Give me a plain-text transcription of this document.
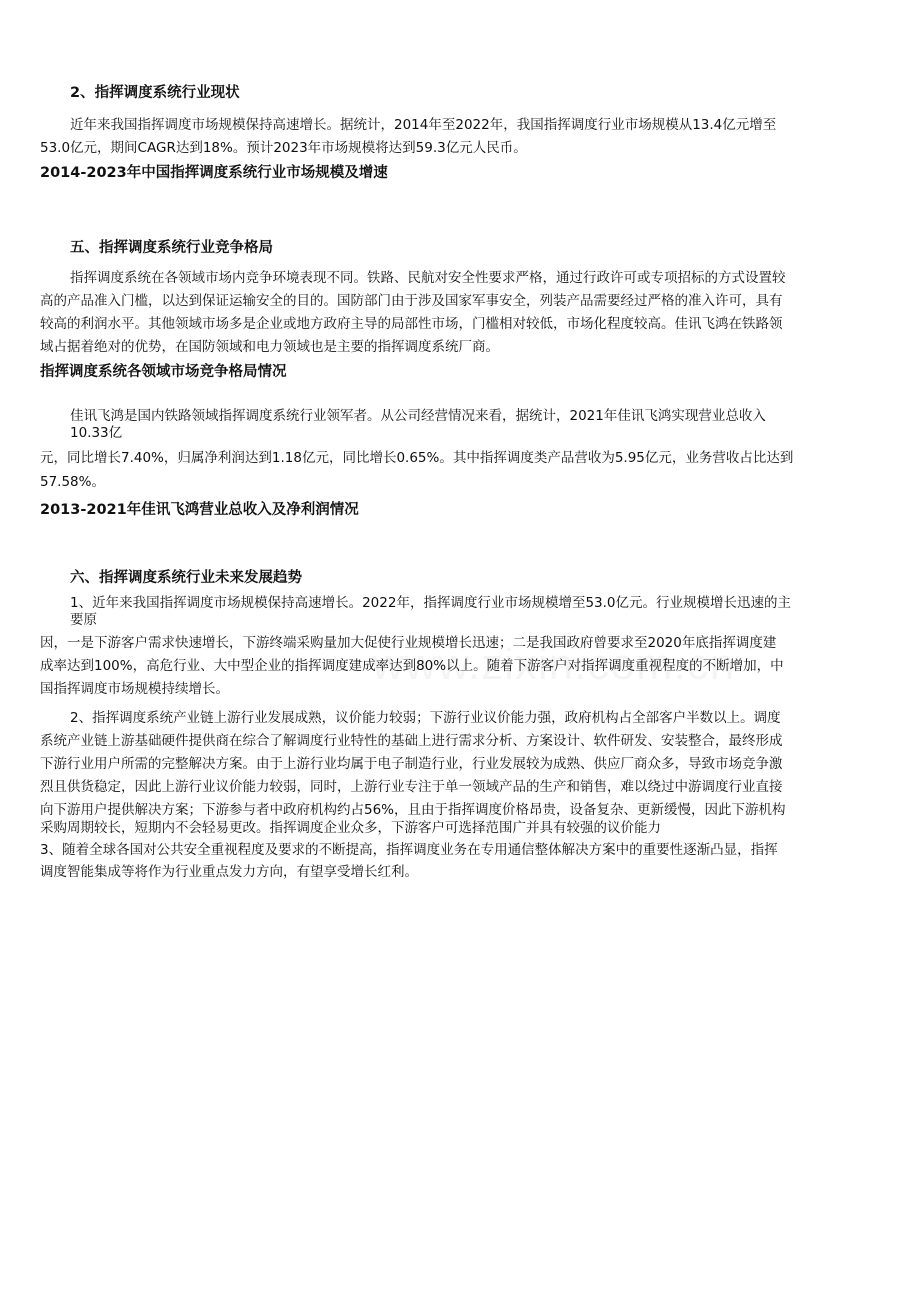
2、指挥调度系统行业现状
近年来我国指挥调度市场规模保持高速增长。据统计，2014年至2022年，我国指挥调度行业市场规模从13.4亿元增至
53.0亿元，期间CAGR达到18%。预计2023年市场规模将达到59.3亿元人民币。
2014-2023年中国指挥调度系统行业市场规模及增速
五、指挥调度系统行业竞争格局
指挥调度系统在各领域市场内竞争环境表现不同。铁路、民航对安全性要求严格，通过行政许可或专项招标的方式设置较
高的产品准入门槛，以达到保证运输安全的目的。国防部门由于涉及国家军事安全，列装产品需要经过严格的准入许可，具有
较高的利润水平。其他领域市场多是企业或地方政府主导的局部性市场，门槛相对较低，市场化程度较高。佳讯飞鸿在铁路领
域占据着绝对的优势，在国防领域和电力领域也是主要的指挥调度系统厂商。
指挥调度系统各领域市场竞争格局情况
佳讯飞鸿是国内铁路领域指挥调度系统行业领军者。从公司经营情况来看，据统计，2021年佳讯飞鸿实现营业总收入
10.33亿
元，同比增长7.40%，归属净利润达到1.18亿元，同比增长0.65%。其中指挥调度类产品营收为5.95亿元，业务营收占比达到
57.58%。
2013-2021年佳讯飞鸿营业总收入及净利润情况
六、指挥调度系统行业未来发展趋势
1、近年来我国指挥调度市场规模保持高速增长。2022年，指挥调度行业市场规模增至53.0亿元。行业规模增长迅速的主
要原
因，一是下游客户需求快速增长，下游终端采购量加大促使行业规模增长迅速；二是我国政府曾要求至2020年底指挥调度建
成率达到100%，高危行业、大中型企业的指挥调度建成率达到80%以上。随着下游客户对指挥调度重视程度的不断增加，中
国指挥调度市场规模持续增长。
2、指挥调度系统产业链上游行业发展成熟，议价能力较弱；下游行业议价能力强，政府机构占全部客户半数以上。调度
系统产业链上游基础硬件提供商在综合了解调度行业特性的基础上进行需求分析、方案设计、软件研发、安装整合，最终形成
下游行业用户所需的完整解决方案。由于上游行业均属于电子制造行业，行业发展较为成熟、供应厂商众多，导致市场竞争激
烈且供货稳定，因此上游行业议价能力较弱，同时，上游行业专注于单一领域产品的生产和销售，难以绕过中游调度行业直接
向下游用户提供解决方案；下游参与者中政府机构约占56%，且由于指挥调度价格昂贵，设备复杂、更新缓慢，因此下游机构
采购周期较长，短期内不会轻易更改。指挥调度企业众多，下游客户可选择范围广并具有较强的议价能力
3、随着全球各国对公共安全重视程度及要求的不断提高，指挥调度业务在专用通信整体解决方案中的重要性逐渐凸显，指挥
调度智能集成等将作为行业重点发力方向，有望享受增长红利。
